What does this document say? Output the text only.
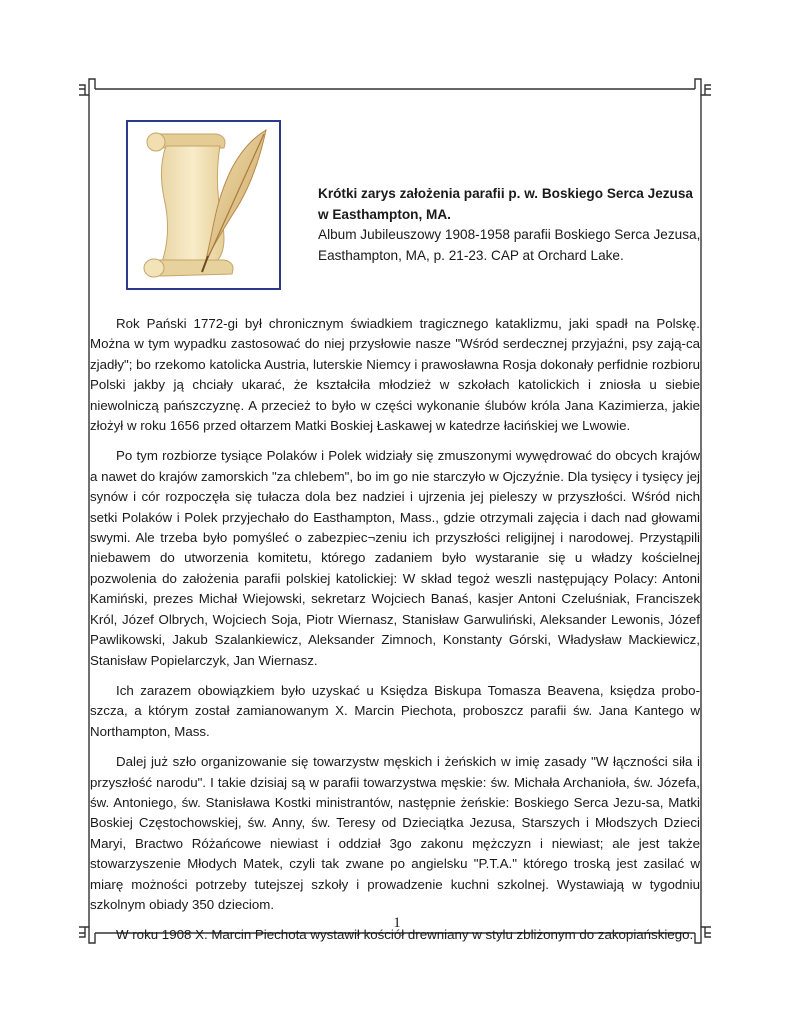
Krótki zarys założenia parafii p. w. Boskiego Serca Jezusa
w Easthampton, MA.
Album Jubileuszowy 1908-1958 parafii Boskiego Serca Jezusa,
Easthampton, MA, p. 21-23. CAP at Orchard Lake.

Rok Pański 1772-gi był chronicznym świadkiem tragicznego kataklizmu, jaki spadł na Polskę. Można w tym wypadku zastosować do niej przysłowie nasze "Wśród serdecznej przyjaźni, psy zają-ca zjadły"; bo rzekomo katolicka Austria, luterskie Niemcy i prawosławna Rosja dokonały perfidnie rozbioru Polski jakby ją chciały ukarać, że kształciła młodzież w szkołach katolickich i zniosła u siebie niewolniczą pańszczyznę. A przecież to było w części wykonanie ślubów króla Jana Kazimierza, jakie złożył w roku 1656 przed ołtarzem Matki Boskiej Łaskawej w katedrze łacińskiej we Lwowie.

Po tym rozbiorze tysiące Polaków i Polek widziały się zmuszonymi wywędrować do obcych krajów a nawet do krajów zamorskich "za chlebem", bo im go nie starczyło w Ojczyźnie. Dla tysięcy i tysięcy jej synów i cór rozpoczęła się tułacza dola bez nadziei i ujrzenia jej pieleszy w przyszłości. Wśród nich setki Polaków i Polek przyjechało do Easthampton, Mass., gdzie otrzymali zajęcia i dach nad głowami swymi. Ale trzeba było pomyśleć o zabezpiec¬zeniu ich przyszłości religijnej i narodowej. Przystąpili niebawem do utworzenia komitetu, którego zadaniem było wystaranie się u władzy kościelnej pozwolenia do założenia parafii polskiej katolickiej: W skład tegoż weszli następujący Polacy: Antoni Kamiński, prezes Michał Wiejowski, sekretarz Wojciech Banaś, kasjer Antoni Czeluśniak, Franciszek Król, Józef Olbrych, Wojciech Soja, Piotr Wiernasz, Stanisław Garwuliński, Aleksander Lewonis, Józef Pawlikowski, Jakub Szalankiewicz, Aleksander Zimnoch, Konstanty Górski, Władysław Mackiewicz, Stanisław Popielarczyk, Jan Wiernasz.

Ich zarazem obowiązkiem było uzyskać u Księdza Biskupa Tomasza Beavena, księdza probo-szcza, a którym został zamianowanym X. Marcin Piechota, proboszcz parafii św. Jana Kantego w Northampton, Mass.

Dalej już szło organizowanie się towarzystw męskich i żeńskich w imię zasady "W łączności siła i przyszłość narodu". I takie dzisiaj są w parafii towarzystwa męskie: św. Michała Archanioła, św. Józefa, św. Antoniego, św. Stanisława Kostki ministrantów, następnie żeńskie: Boskiego Serca Jezu-sa, Matki Boskiej Częstochowskiej, św. Anny, św. Teresy od Dzieciątka Jezusa, Starszych i Młodszych Dzieci Maryi, Bractwo Różańcowe niewiast i oddział 3go zakonu mężczyzn i niewiast; ale jest także stowarzyszenie Młodych Matek, czyli tak zwane po angielsku "P.T.A." którego troską jest zasilać w miarę możności potrzeby tutejszej szkoły i prowadzenie kuchni szkolnej. Wystawiają w tygodniu szkolnym obiady 350 dzieciom.

W roku 1908 X. Marcin Piechota wystawił kościół drewniany w stylu zbliżonym do zakopiańskiego.

1
